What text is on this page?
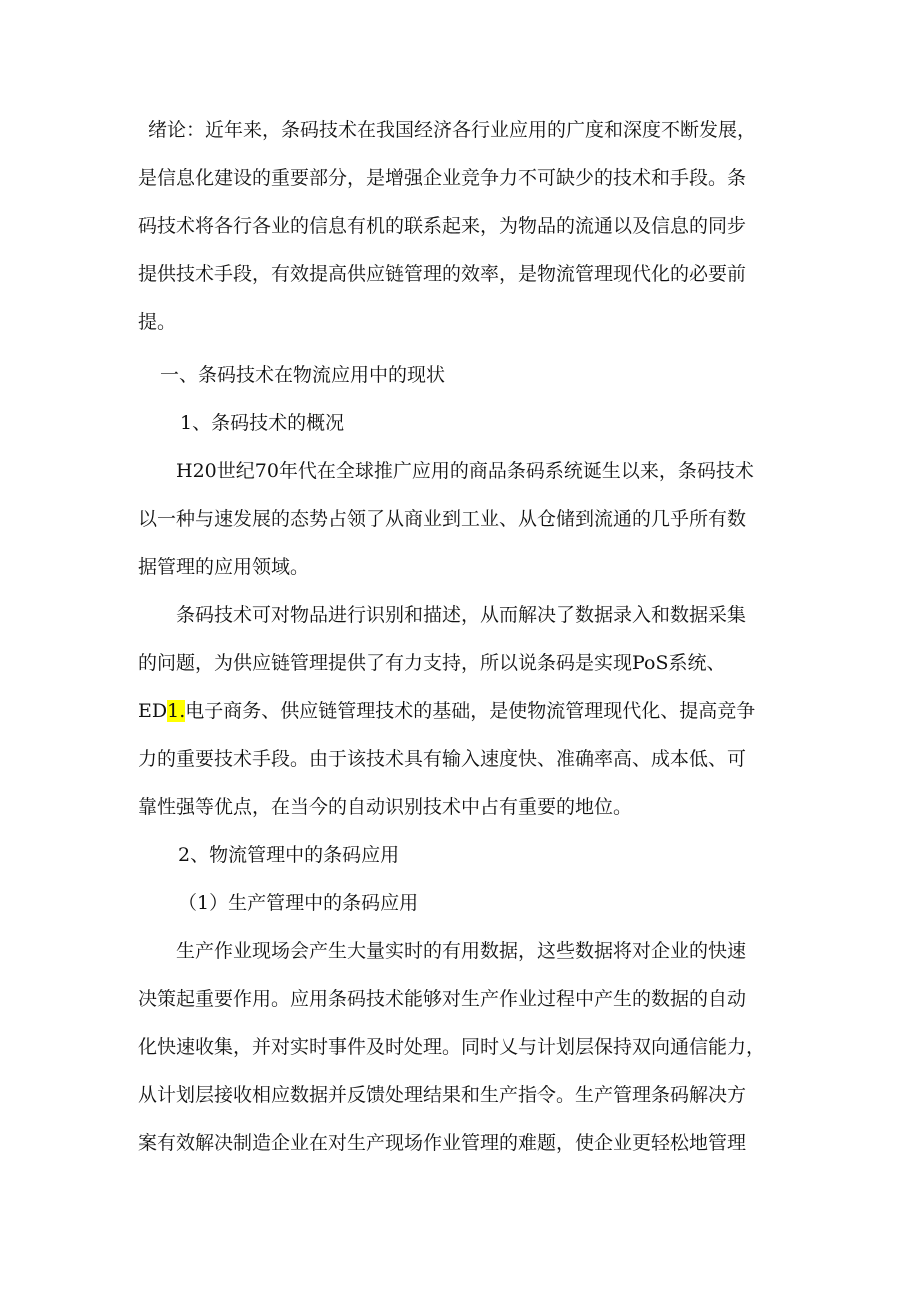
绪论：近年来，条码技术在我国经济各行业应用的广度和深度不断发展，
是信息化建设的重要部分，是增强企业竞争力不可缺少的技术和手段。条
码技术将各行各业的信息有机的联系起来，为物品的流通以及信息的同步
提供技术手段，有效提高供应链管理的效率，是物流管理现代化的必要前
提。
一、条码技术在物流应用中的现状
1、条码技术的概况
H20世纪70年代在全球推广应用的商品条码系统诞生以来，条码技术
以一种与速发展的态势占领了从商业到工业、从仓储到流通的几乎所有数
据管理的应用领域。
条码技术可对物品进行识别和描述，从而解决了数据录入和数据采集
的问题，为供应链管理提供了有力支持，所以说条码是实现PoS系统、
ED1.电子商务、供应链管理技术的基础，是使物流管理现代化、提高竞争
力的重要技术手段。由于该技术具有输入速度快、准确率高、成本低、可
靠性强等优点，在当今的自动识别技术中占有重要的地位。
2、物流管理中的条码应用
（1）生产管理中的条码应用
生产作业现场会产生大量实时的有用数据，这些数据将对企业的快速
决策起重要作用。应用条码技术能够对生产作业过程中产生的数据的自动
化快速收集，并对实时事件及时处理。同时乂与计划层保持双向通信能力，
从计划层接收相应数据并反馈处理结果和生产指令。生产管理条码解决方
案有效解决制造企业在对生产现场作业管理的难题，使企业更轻松地管理
